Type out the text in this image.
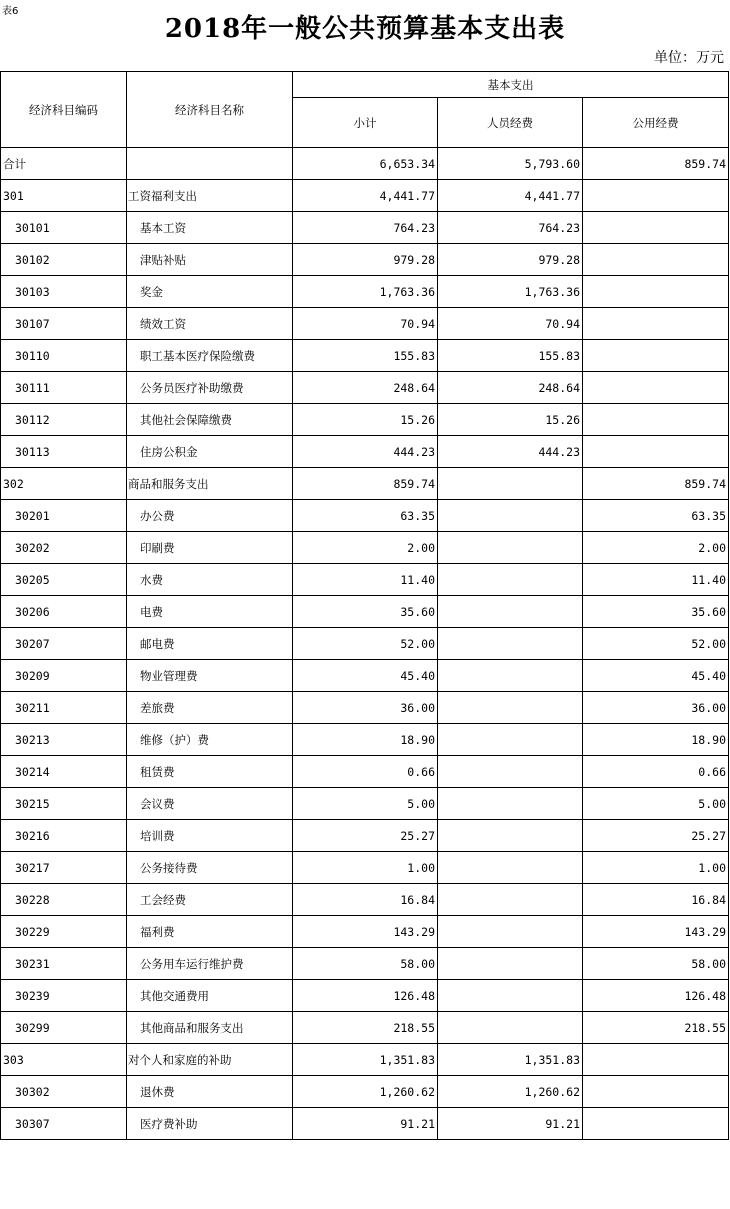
表6
2018年一般公共预算基本支出表
单位：万元
经济科目编码	经济科目名称	基本支出		
		小计	人员经费	公用经费
合计		6,653.34	5,793.60	859.74
301	工资福利支出	4,441.77	4,441.77	
30101	基本工资	764.23	764.23	
30102	津贴补贴	979.28	979.28	
30103	奖金	1,763.36	1,763.36	
30107	绩效工资	70.94	70.94	
30110	职工基本医疗保险缴费	155.83	155.83	
30111	公务员医疗补助缴费	248.64	248.64	
30112	其他社会保障缴费	15.26	15.26	
30113	住房公积金	444.23	444.23	
302	商品和服务支出	859.74		859.74
30201	办公费	63.35		63.35
30202	印刷费	2.00		2.00
30205	水费	11.40		11.40
30206	电费	35.60		35.60
30207	邮电费	52.00		52.00
30209	物业管理费	45.40		45.40
30211	差旅费	36.00		36.00
30213	维修（护）费	18.90		18.90
30214	租赁费	0.66		0.66
30215	会议费	5.00		5.00
30216	培训费	25.27		25.27
30217	公务接待费	1.00		1.00
30228	工会经费	16.84		16.84
30229	福利费	143.29		143.29
30231	公务用车运行维护费	58.00		58.00
30239	其他交通费用	126.48		126.48
30299	其他商品和服务支出	218.55		218.55
303	对个人和家庭的补助	1,351.83	1,351.83	
30302	退休费	1,260.62	1,260.62	
30307	医疗费补助	91.21	91.21	
